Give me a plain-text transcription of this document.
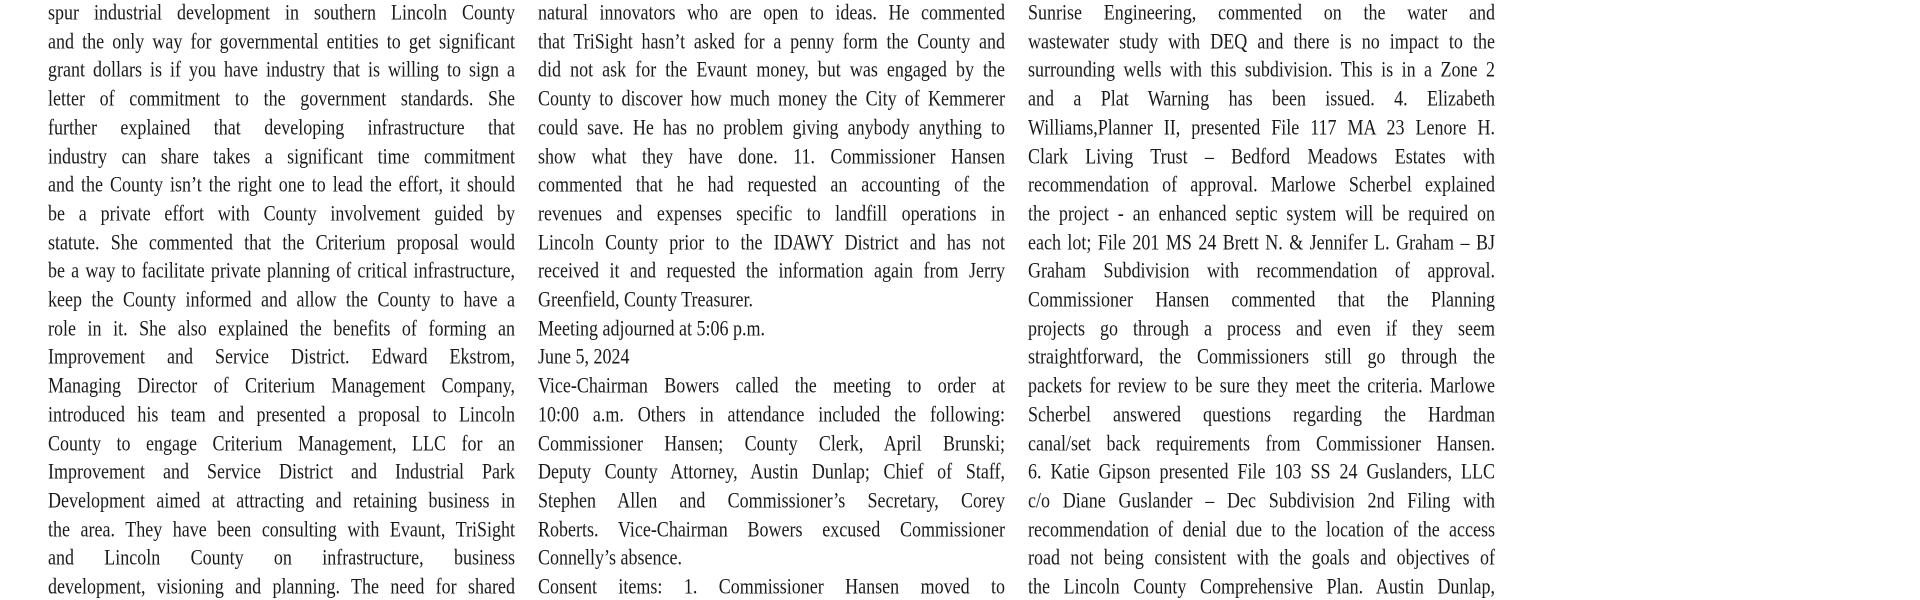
spur industrial development in southern Lincoln County
and the only way for governmental entities to get significant
grant dollars is if you have industry that is willing to sign a
letter of commitment to the government standards. She
further explained that developing infrastructure that
industry can share takes a significant time commitment
and the County isn’t the right one to lead the effort, it should
be a private effort with County involvement guided by
statute. She commented that the Criterium proposal would
be a way to facilitate private planning of critical infrastructure,
keep the County informed and allow the County to have a
role in it. She also explained the benefits of forming an
Improvement and Service District. Edward Ekstrom,
Managing Director of Criterium Management Company,
introduced his team and presented a proposal to Lincoln
County to engage Criterium Management, LLC for an
Improvement and Service District and Industrial Park
Development aimed at attracting and retaining business in
the area. They have been consulting with Evaunt, TriSight
and Lincoln County on infrastructure, business
development, visioning and planning. The need for shared
natural innovators who are open to ideas. He commented
that TriSight hasn’t asked for a penny form the County and
did not ask for the Evaunt money, but was engaged by the
County to discover how much money the City of Kemmerer
could save. He has no problem giving anybody anything to
show what they have done. 11. Commissioner Hansen
commented that he had requested an accounting of the
revenues and expenses specific to landfill operations in
Lincoln County prior to the IDAWY District and has not
received it and requested the information again from Jerry
Greenfield, County Treasurer.
Meeting adjourned at 5:06 p.m.
June 5, 2024
Vice-Chairman Bowers called the meeting to order at
10:00 a.m. Others in attendance included the following:
Commissioner Hansen; County Clerk, April Brunski;
Deputy County Attorney, Austin Dunlap; Chief of Staff,
Stephen Allen and Commissioner’s Secretary, Corey
Roberts. Vice-Chairman Bowers excused Commissioner
Connelly’s absence.
Consent items: 1. Commissioner Hansen moved to
Sunrise Engineering, commented on the water and
wastewater study with DEQ and there is no impact to the
surrounding wells with this subdivision. This is in a Zone 2
and a Plat Warning has been issued. 4. Elizabeth
Williams,Planner II, presented File 117 MA 23 Lenore H.
Clark Living Trust – Bedford Meadows Estates with
recommendation of approval. Marlowe Scherbel explained
the project - an enhanced septic system will be required on
each lot; File 201 MS 24 Brett N. & Jennifer L. Graham – BJ
Graham Subdivision with recommendation of approval.
Commissioner Hansen commented that the Planning
projects go through a process and even if they seem
straightforward, the Commissioners still go through the
packets for review to be sure they meet the criteria. Marlowe
Scherbel answered questions regarding the Hardman
canal/set back requirements from Commissioner Hansen.
6. Katie Gipson presented File 103 SS 24 Guslanders, LLC
c/o Diane Guslander – Dec Subdivision 2nd Filing with
recommendation of denial due to the location of the access
road not being consistent with the goals and objectives of
the Lincoln County Comprehensive Plan. Austin Dunlap,
